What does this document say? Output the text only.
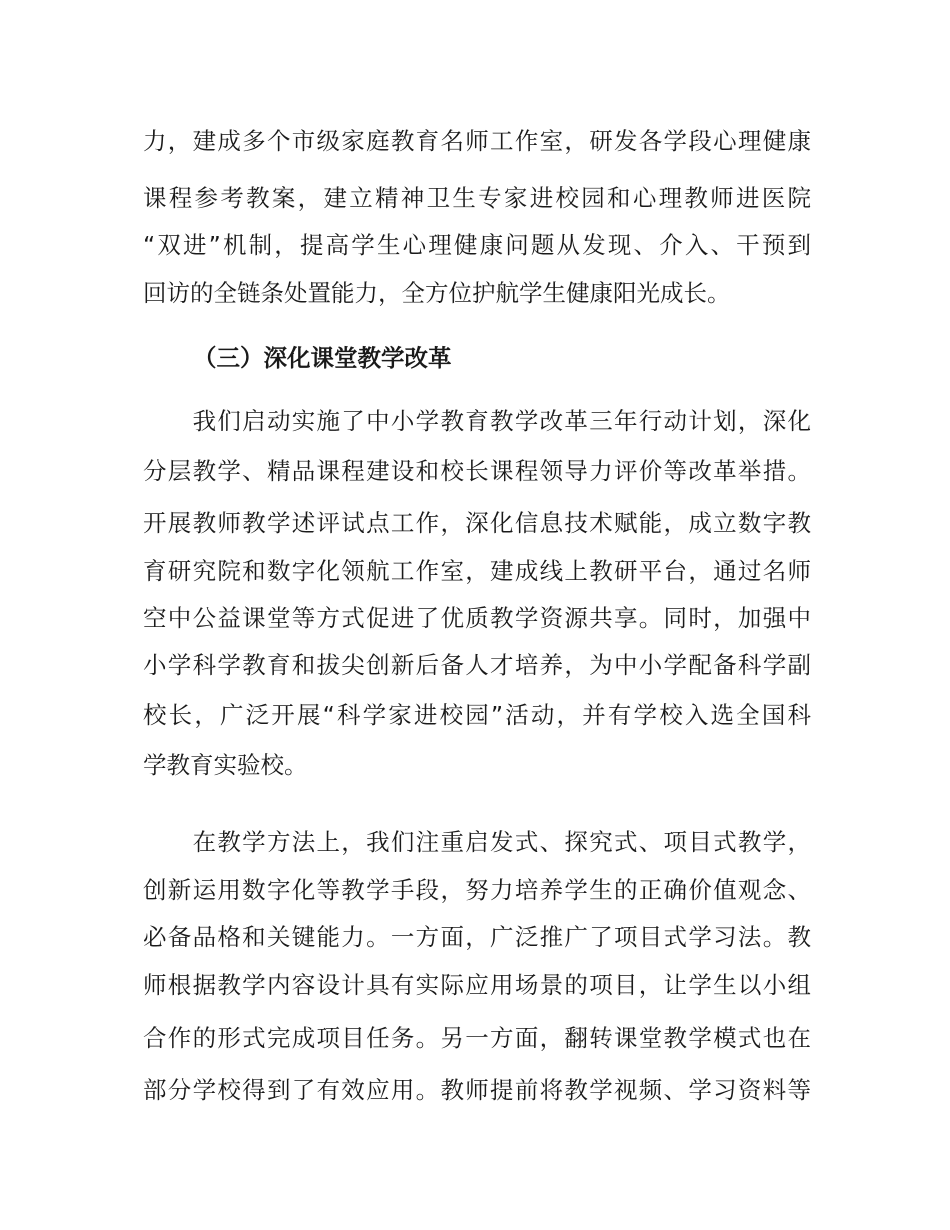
力，建成多个市级家庭教育名师工作室，研发各学段心理健康
课程参考教案，建立精神卫生专家进校园和心理教师进医院
“双进”机制，提高学生心理健康问题从发现、介入、干预到
回访的全链条处置能力，全方位护航学生健康阳光成长。
（三）深化课堂教学改革
　　我们启动实施了中小学教育教学改革三年行动计划，深化
分层教学、精品课程建设和校长课程领导力评价等改革举措。
开展教师教学述评试点工作，深化信息技术赋能，成立数字教
育研究院和数字化领航工作室，建成线上教研平台，通过名师
空中公益课堂等方式促进了优质教学资源共享。同时，加强中
小学科学教育和拔尖创新后备人才培养，为中小学配备科学副
校长，广泛开展“科学家进校园”活动，并有学校入选全国科
学教育实验校。
　　在教学方法上，我们注重启发式、探究式、项目式教学，
创新运用数字化等教学手段，努力培养学生的正确价值观念、
必备品格和关键能力。一方面，广泛推广了项目式学习法。教
师根据教学内容设计具有实际应用场景的项目，让学生以小组
合作的形式完成项目任务。另一方面，翻转课堂教学模式也在
部分学校得到了有效应用。教师提前将教学视频、学习资料等
